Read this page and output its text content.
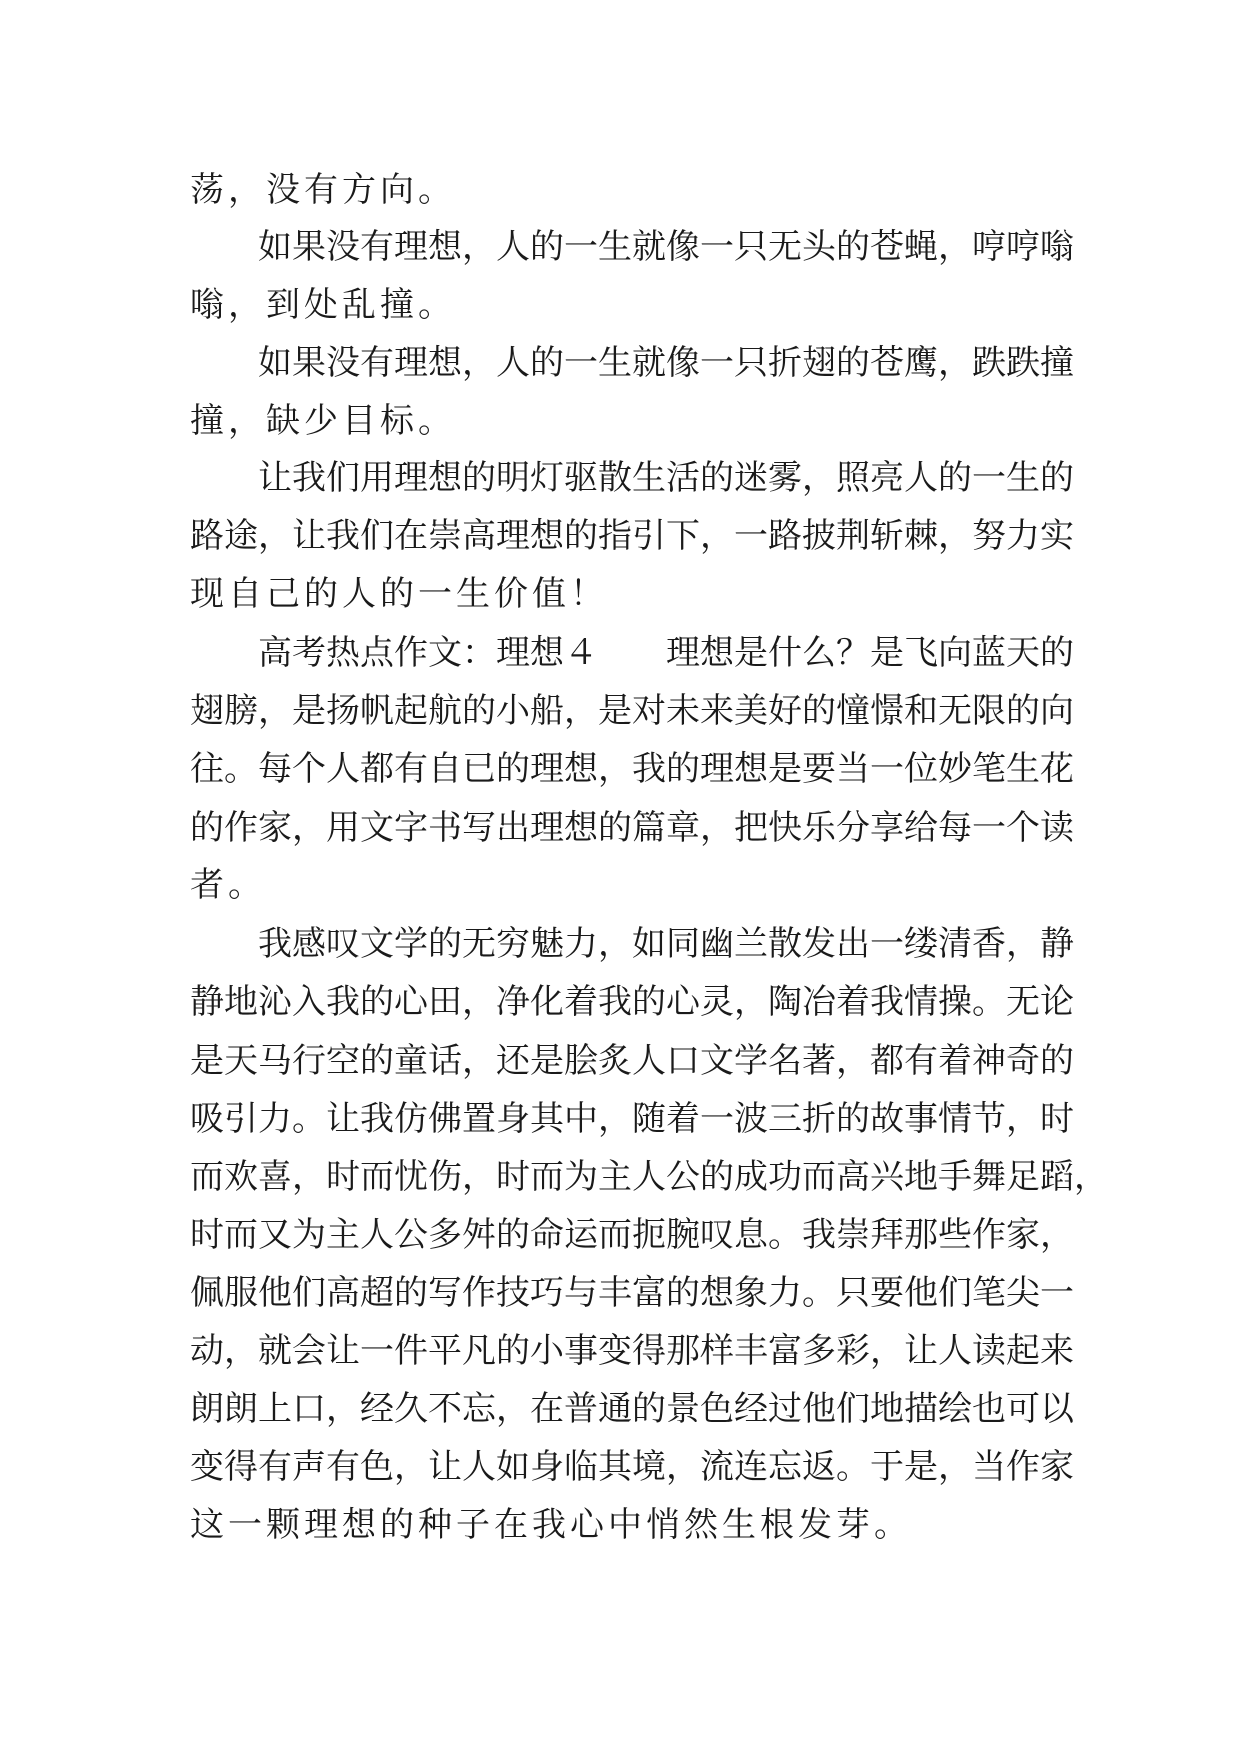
荡，没有方向。
如果没有理想，人的一生就像一只无头的苍蝇，哼哼嗡
嗡，到处乱撞。
如果没有理想，人的一生就像一只折翅的苍鹰，跌跌撞
撞，缺少目标。
让我们用理想的明灯驱散生活的迷雾，照亮人的一生的
路途，让我们在崇高理想的指引下，一路披荆斩棘，努力实
现自己的人的一生价值！
高考热点作文：理想４　　理想是什么？是飞向蓝天的
翅膀，是扬帆起航的小船，是对未来美好的憧憬和无限的向
往。每个人都有自已的理想，我的理想是要当一位妙笔生花
的作家，用文字书写出理想的篇章，把快乐分享给每一个读
者。
我感叹文学的无穷魅力，如同幽兰散发出一缕清香，静
静地沁入我的心田，净化着我的心灵，陶冶着我情操。无论
是天马行空的童话，还是脍炙人口文学名著，都有着神奇的
吸引力。让我仿佛置身其中，随着一波三折的故事情节，时
而欢喜，时而忧伤，时而为主人公的成功而高兴地手舞足蹈，
时而又为主人公多舛的命运而扼腕叹息。我崇拜那些作家，
佩服他们高超的写作技巧与丰富的想象力。只要他们笔尖一
动，就会让一件平凡的小事变得那样丰富多彩，让人读起来
朗朗上口，经久不忘，在普通的景色经过他们地描绘也可以
变得有声有色，让人如身临其境，流连忘返。于是，当作家
这一颗理想的种子在我心中悄然生根发芽。
